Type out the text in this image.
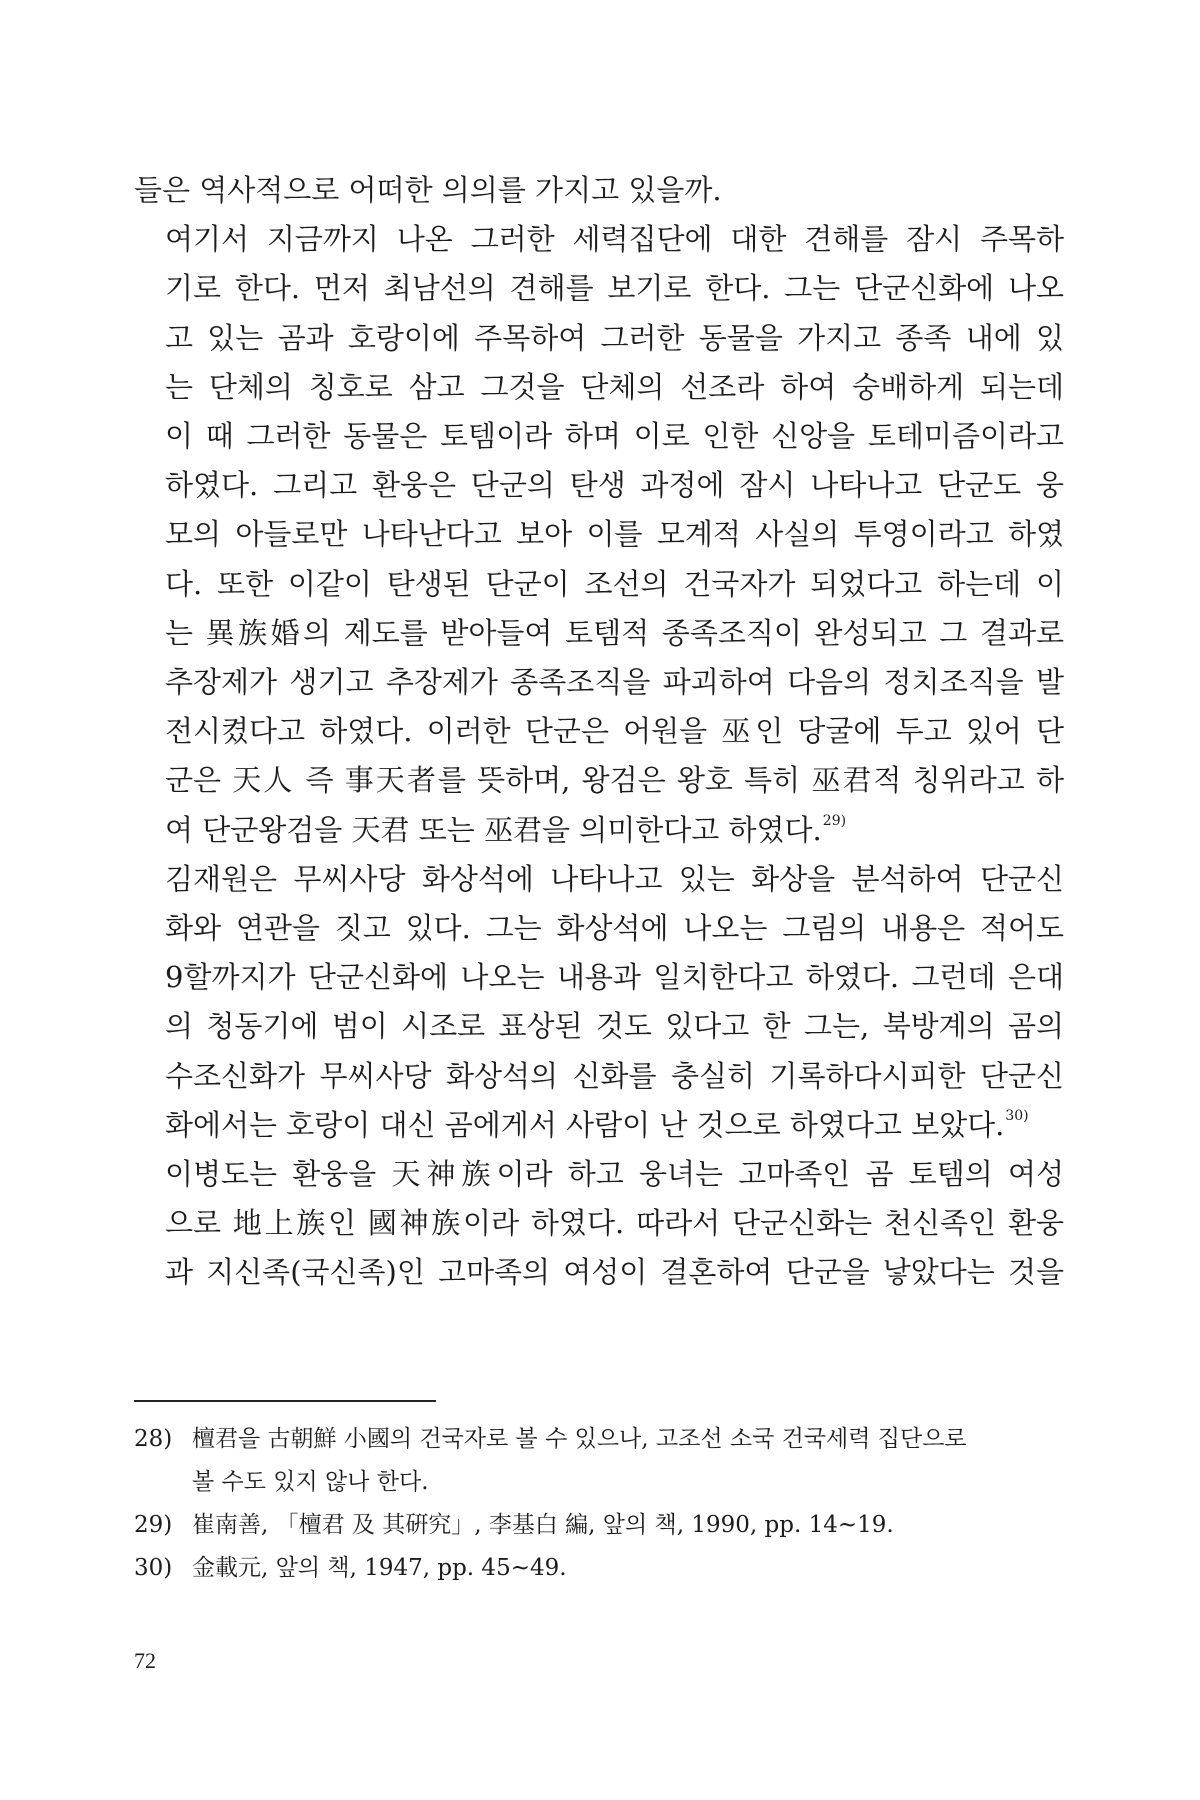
들은 역사적으로 어떠한 의의를 가지고 있을까.

여기서 지금까지 나온 그러한 세력집단에 대한 견해를 잠시 주목하
기로 한다. 먼저 최남선의 견해를 보기로 한다. 그는 단군신화에 나오
고 있는 곰과 호랑이에 주목하여 그러한 동물을 가지고 종족 내에 있
는 단체의 칭호로 삼고 그것을 단체의 선조라 하여 숭배하게 되는데
이 때 그러한 동물은 토템이라 하며 이로 인한 신앙을 토테미즘이라고
하였다. 그리고 환웅은 단군의 탄생 과정에 잠시 나타나고 단군도 웅
모의 아들로만 나타난다고 보아 이를 모계적 사실의 투영이라고 하였
다. 또한 이같이 탄생된 단군이 조선의 건국자가 되었다고 하는데 이
는 異族婚의 제도를 받아들여 토템적 종족조직이 완성되고 그 결과로
추장제가 생기고 추장제가 종족조직을 파괴하여 다음의 정치조직을 발
전시켰다고 하였다. 이러한 단군은 어원을 巫인 당굴에 두고 있어 단
군은 天人 즉 事天者를 뜻하며, 왕검은 왕호 특히 巫君적 칭위라고 하
여 단군왕검을 天君 또는 巫君을 의미한다고 하였다.$^{29)}$

김재원은 무씨사당 화상석에 나타나고 있는 화상을 분석하여 단군신
화와 연관을 짓고 있다. 그는 화상석에 나오는 그림의 내용은 적어도
9할까지가 단군신화에 나오는 내용과 일치한다고 하였다. 그런데 은대
의 청동기에 범이 시조로 표상된 것도 있다고 한 그는, 북방계의 곰의
수조신화가 무씨사당 화상석의 신화를 충실히 기록하다시피한 단군신
화에서는 호랑이 대신 곰에게서 사람이 난 것으로 하였다고 보았다.$^{30)}$

이병도는 환웅을 天神族이라 하고 웅녀는 고마족인 곰 토템의 여성
으로 地上族인 國神族이라 하였다. 따라서 단군신화는 천신족인 환웅
과 지신족(국신족)인 고마족의 여성이 결혼하여 단군을 낳았다는 것을

28) 檀君을 古朝鮮 小國의 건국자로 볼 수 있으나, 고조선 소국 건국세력 집단으로
볼 수도 있지 않나 한다.
29) 崔南善, 「檀君 及 其硏究」, 李基白 編, 앞의 책, 1990, pp. 14~19.
30) 金載元, 앞의 책, 1947, pp. 45~49.
72
